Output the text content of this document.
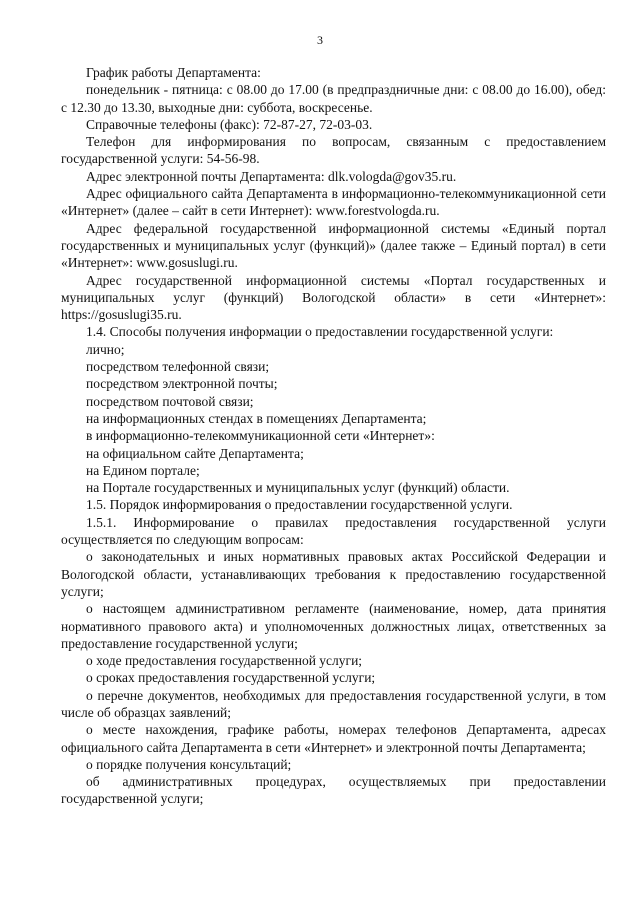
3

График работы Департамента:

понедельник - пятница: с 08.00 до 17.00 (в предпраздничные дни: с 08.00 до 16.00), обед: с 12.30 до 13.30, выходные дни: суббота, воскресенье.

Справочные телефоны (факс): 72-87-27, 72-03-03.

Телефон для информирования по вопросам, связанным с предоставлением государственной услуги: 54-56-98.

Адрес электронной почты Департамента: dlk.vologda@gov35.ru.

Адрес официального сайта Департамента в информационно-телекоммуникационной сети «Интернет» (далее – сайт в сети Интернет): www.forestvologda.ru.

Адрес федеральной государственной информационной системы «Единый портал государственных и муниципальных услуг (функций)» (далее также – Единый портал) в сети «Интернет»: www.gosuslugi.ru.

Адрес государственной информационной системы «Портал государственных и муниципальных услуг (функций) Вологодской области» в сети «Интернет»: https://gosuslugi35.ru.

1.4. Способы получения информации о предоставлении государственной услуги:

лично;

посредством телефонной связи;

посредством электронной почты;

посредством почтовой связи;

на информационных стендах в помещениях Департамента;

в информационно-телекоммуникационной сети «Интернет»:

на официальном сайте Департамента;

на Едином портале;

на Портале государственных и муниципальных услуг (функций) области.

1.5. Порядок информирования о предоставлении государственной услуги.

1.5.1. Информирование о правилах предоставления государственной услуги осуществляется по следующим вопросам:

о законодательных и иных нормативных правовых актах Российской Федерации и Вологодской области, устанавливающих требования к предоставлению государственной услуги;

о настоящем административном регламенте (наименование, номер, дата принятия нормативного правового акта) и уполномоченных должностных лицах, ответственных за предоставление государственной услуги;

о ходе предоставления государственной услуги;

о сроках предоставления государственной услуги;

о перечне документов, необходимых для предоставления государственной услуги, в том числе об образцах заявлений;

о месте нахождения, графике работы, номерах телефонов Департамента, адресах официального сайта Департамента в сети «Интернет» и электронной почты Департамента;

о порядке получения консультаций;

об административных процедурах, осуществляемых при предоставлении государственной услуги;
